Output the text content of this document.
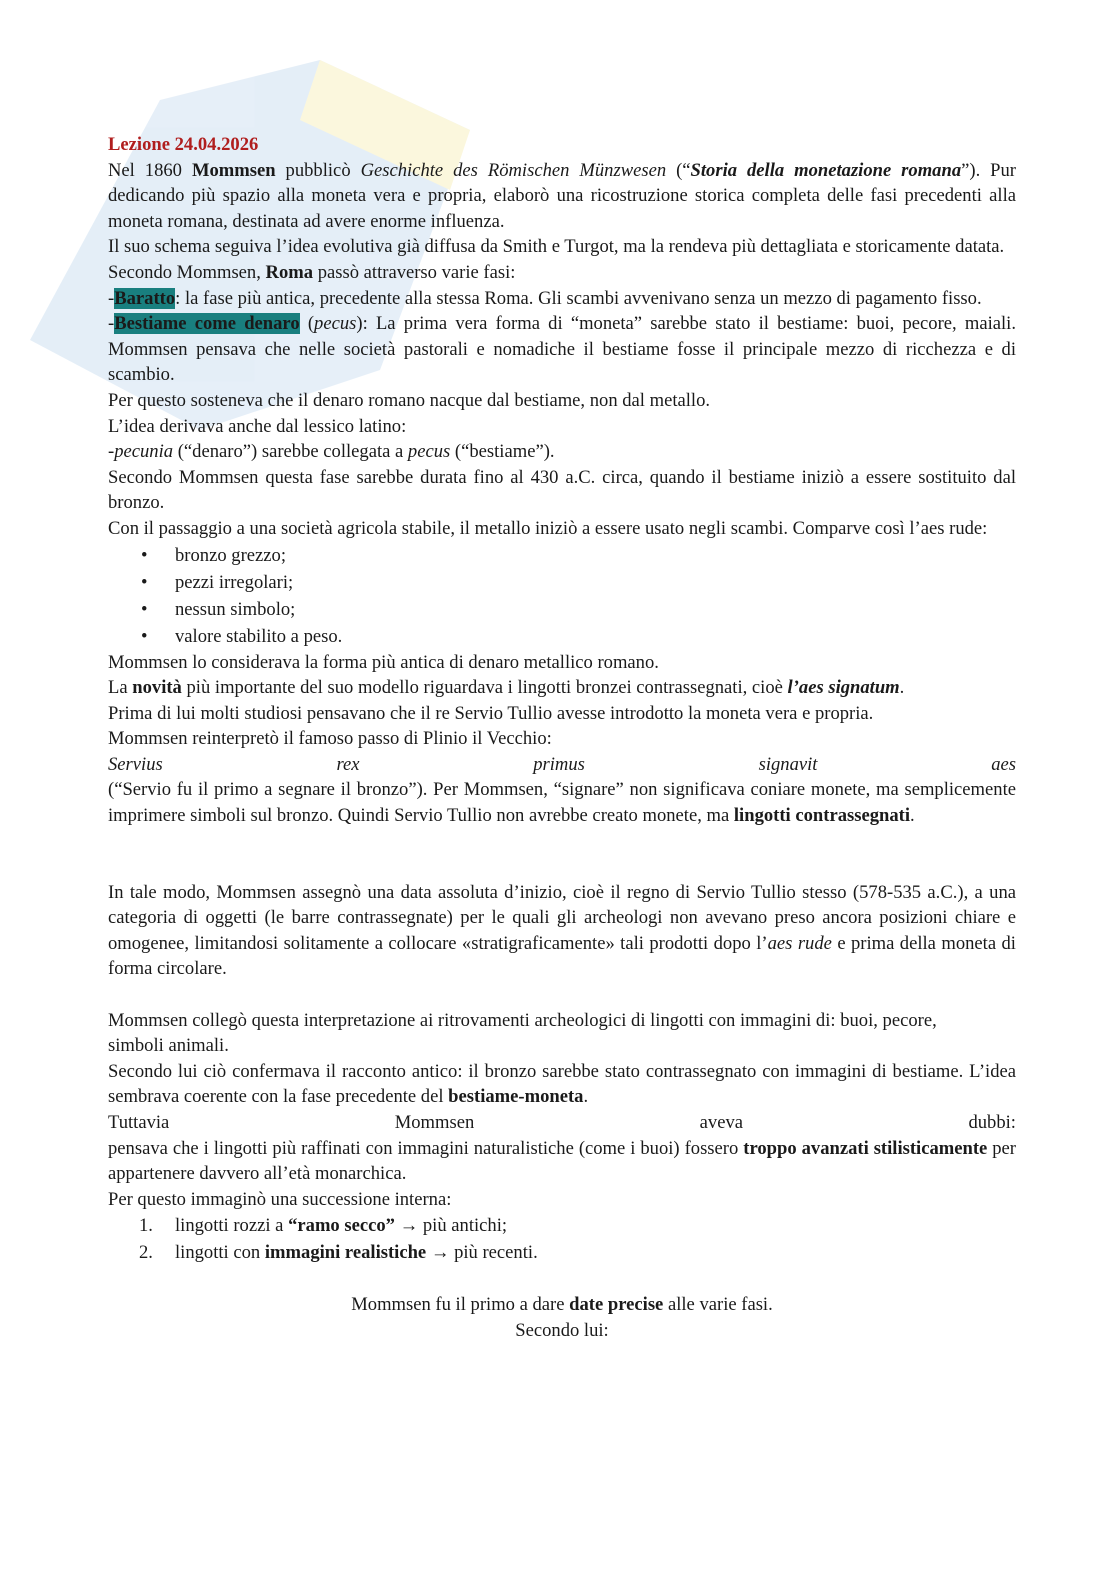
Lezione 24.04.2026

Nel 1860 Mommsen pubblicò Geschichte des Römischen Münzwesen (“Storia della monetazione romana”). Pur dedicando più spazio alla moneta vera e propria, elaborò una ricostruzione storica completa delle fasi precedenti alla moneta romana, destinata ad avere enorme influenza.

Il suo schema seguiva l’idea evolutiva già diffusa da Smith e Turgot, ma la rendeva più dettagliata e storicamente datata.

Secondo Mommsen, Roma passò attraverso varie fasi:

-Baratto: la fase più antica, precedente alla stessa Roma. Gli scambi avvenivano senza un mezzo di pagamento fisso.

-Bestiame come denaro (pecus): La prima vera forma di “moneta” sarebbe stato il bestiame: buoi, pecore, maiali. Mommsen pensava che nelle società pastorali e nomadiche il bestiame fosse il principale mezzo di ricchezza e di scambio.

Per questo sosteneva che il denaro romano nacque dal bestiame, non dal metallo.

L’idea derivava anche dal lessico latino:

-pecunia (“denaro”) sarebbe collegata a pecus (“bestiame”).

Secondo Mommsen questa fase sarebbe durata fino al 430 a.C. circa, quando il bestiame iniziò a essere sostituito dal bronzo.

Con il passaggio a una società agricola stabile, il metallo iniziò a essere usato negli scambi. Comparve così l’aes rude:

• bronzo grezzo;
• pezzi irregolari;
• nessun simbolo;
• valore stabilito a peso.

Mommsen lo considerava la forma più antica di denaro metallico romano.

La novità più importante del suo modello riguardava i lingotti bronzei contrassegnati, cioè l’aes signatum.

Prima di lui molti studiosi pensavano che il re Servio Tullio avesse introdotto la moneta vera e propria.

Mommsen reinterpretò il famoso passo di Plinio il Vecchio:

Servius	rex	primus	signavit	aes

(“Servio fu il primo a segnare il bronzo”). Per Mommsen, “signare” non significava coniare monete, ma semplicemente imprimere simboli sul bronzo. Quindi Servio Tullio non avrebbe creato monete, ma lingotti contrassegnati.

In tale modo, Mommsen assegnò una data assoluta d’inizio, cioè il regno di Servio Tullio stesso (578-535 a.C.), a una categoria di oggetti (le barre contrassegnate) per le quali gli archeologi non avevano preso ancora posizioni chiare e omogenee, limitandosi solitamente a collocare «stratigraficamente» tali prodotti dopo l’aes rude e prima della moneta di forma circolare.

Mommsen collegò questa interpretazione ai ritrovamenti archeologici di lingotti con immagini di: buoi, pecore,

simboli animali.

Secondo lui ciò confermava il racconto antico: il bronzo sarebbe stato contrassegnato con immagini di bestiame. L’idea sembrava coerente con la fase precedente del bestiame-moneta.

Tuttavia	Mommsen	aveva	dubbi:

pensava che i lingotti più raffinati con immagini naturalistiche (come i buoi) fossero troppo avanzati stilisticamente per appartenere davvero all’età monarchica.

Per questo immaginò una successione interna:

1. lingotti rozzi a “ramo secco” → più antichi;
2. lingotti con immagini realistiche → più recenti.

Mommsen fu il primo a dare date precise alle varie fasi.

Secondo lui:
